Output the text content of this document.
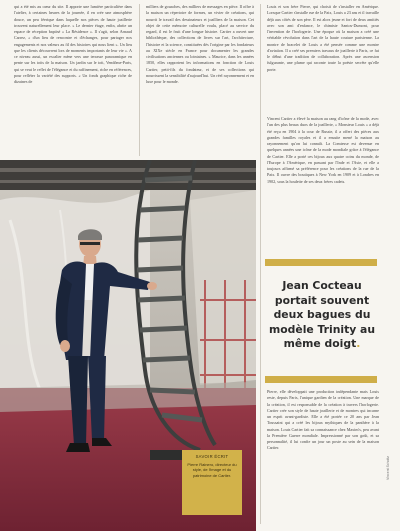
qui a été mis au cœur du site. Il apporte une lumière particulière dans l'atelier, à certaines heures de la journée, il en crée une atmosphère douce, un peu féerique dans laquelle nos pièces de haute joaillerie trouvent naturellement leur place. » Le dernier étage, enfin, abrite un espace de réception baptisé « La Résidence ». Il s'agit, selon Arnaud Carrez, « d'un lieu de rencontre et d'échanges, pour partager nos engagements et nos valeurs au fil des histoires qui nous lient ». Un lieu que les clients découvrent lors de moments importants de leur vie ». A ce niveau aussi, un escalier mène vers une terrasse panoramique en pente sur les toits de la maison. Un jardin sur le toit, Vendôme-Paris, qui se veut le reflet de l'élégance et du raffinement, riche en références, pour refléter la variété des supports. « Un fonds graphique riche de dizaines de

milliers de gouaches, des milliers de messages en pièce. Il offre à la maison un répertoire de formes, un vivier de créations, qui nourrit le travail des dessinateurs et joailliers de la maison. Cet objet de cette mémoire culturelle voulu, placé au service du regard, il est le fruit d'une longue histoire. Cartier a ouvert une bibliothèque, des collections de livres sur l'art, l'architecture, l'histoire et la science, constituées dès l'origine par les fondateurs au XIXe siècle en France pour documenter les grandes civilisations anciennes ou lointaines. » Maurice, dans les années 1850, elles rapportent les informations en fonction de Louis Cartier, petit-fils du fondateur, et de ses collections qui nourrissent la sensibilité d'aujourd'hui. Un réel rayonnement et en luxe pour le monde.

Louis et son frère Pierre, qui choisit de s'installer en Amérique. Lorsque Cartier s'installe rue de la Paix, Louis a 23 ans et il travaille déjà aux côtés de son père. Il est alors jeune et fort de deux amitiés avec son ami d'enfance, le chimiste Santos-Dumont, pour l'invention de l'horlogerie. Une époque où la maison a créé une véritable révolution dans l'art de la haute couture parisienne. La montre de bracelet de Louis a été pensée comme une montre d'aviation. Il a créé ses premiers travaux de joaillerie à Paris, ce fut le début d'une tradition de collaboration. Après une ascension fulgurante, une plume qui raconte toute la poésie secrète qu'elle porte.

Vincent Cartier a élevé la maison au rang d'icône de la mode, avec l'un des plus beaux duos de la joaillerie, « Monsieur Louis » a déjà été reçu en 1904 à la cour de Russie, il a offert des pièces aux grandes familles royales et il a ensuite mené la maison au rayonnement qu'on lui connaît. La Comtesse est devenue en quelques années une icône de la mode mondiale grâce à l'élégance de Cartier. Elle a porté ces bijoux aux quatre coins du monde, de l'Europe à l'Amérique, en passant par l'Inde et l'Asie, et elle a toujours affirmé sa préférence pour les créations de la rue de la Paix. Il ouvre des boutiques à New York en 1909 et à Londres en 1902, sous la houlette de ses deux frères cadets.

Jean Cocteau portait souvent deux bagues du modèle Trinity au même doigt.

Pierre, elle développait une production indépendante mais Louis reste, depuis Paris, l'unique gardien de la création. Une marque de la création, il est responsable de la création à travers l'horlogerie. Cartier crée son style de haute joaillerie et de montres qui incarne un esprit avant-gardiste. Elle a été portée ce 20 ans par Jean Toussaint qui a créé les bijoux mythiques de la panthère à la maison. Louis Cartier fait sa connaissance chez Maxim's, peu avant la Première Guerre mondiale. Impressionné par son goût, et sa personnalité, il lui confie un jour un poste au sein de la maison Cartier.

SAVOIR ÉCRIT
Pierre Rainero, directeur du style, de l'image et du patrimoine de Cartier.	Vincent Scholtz
